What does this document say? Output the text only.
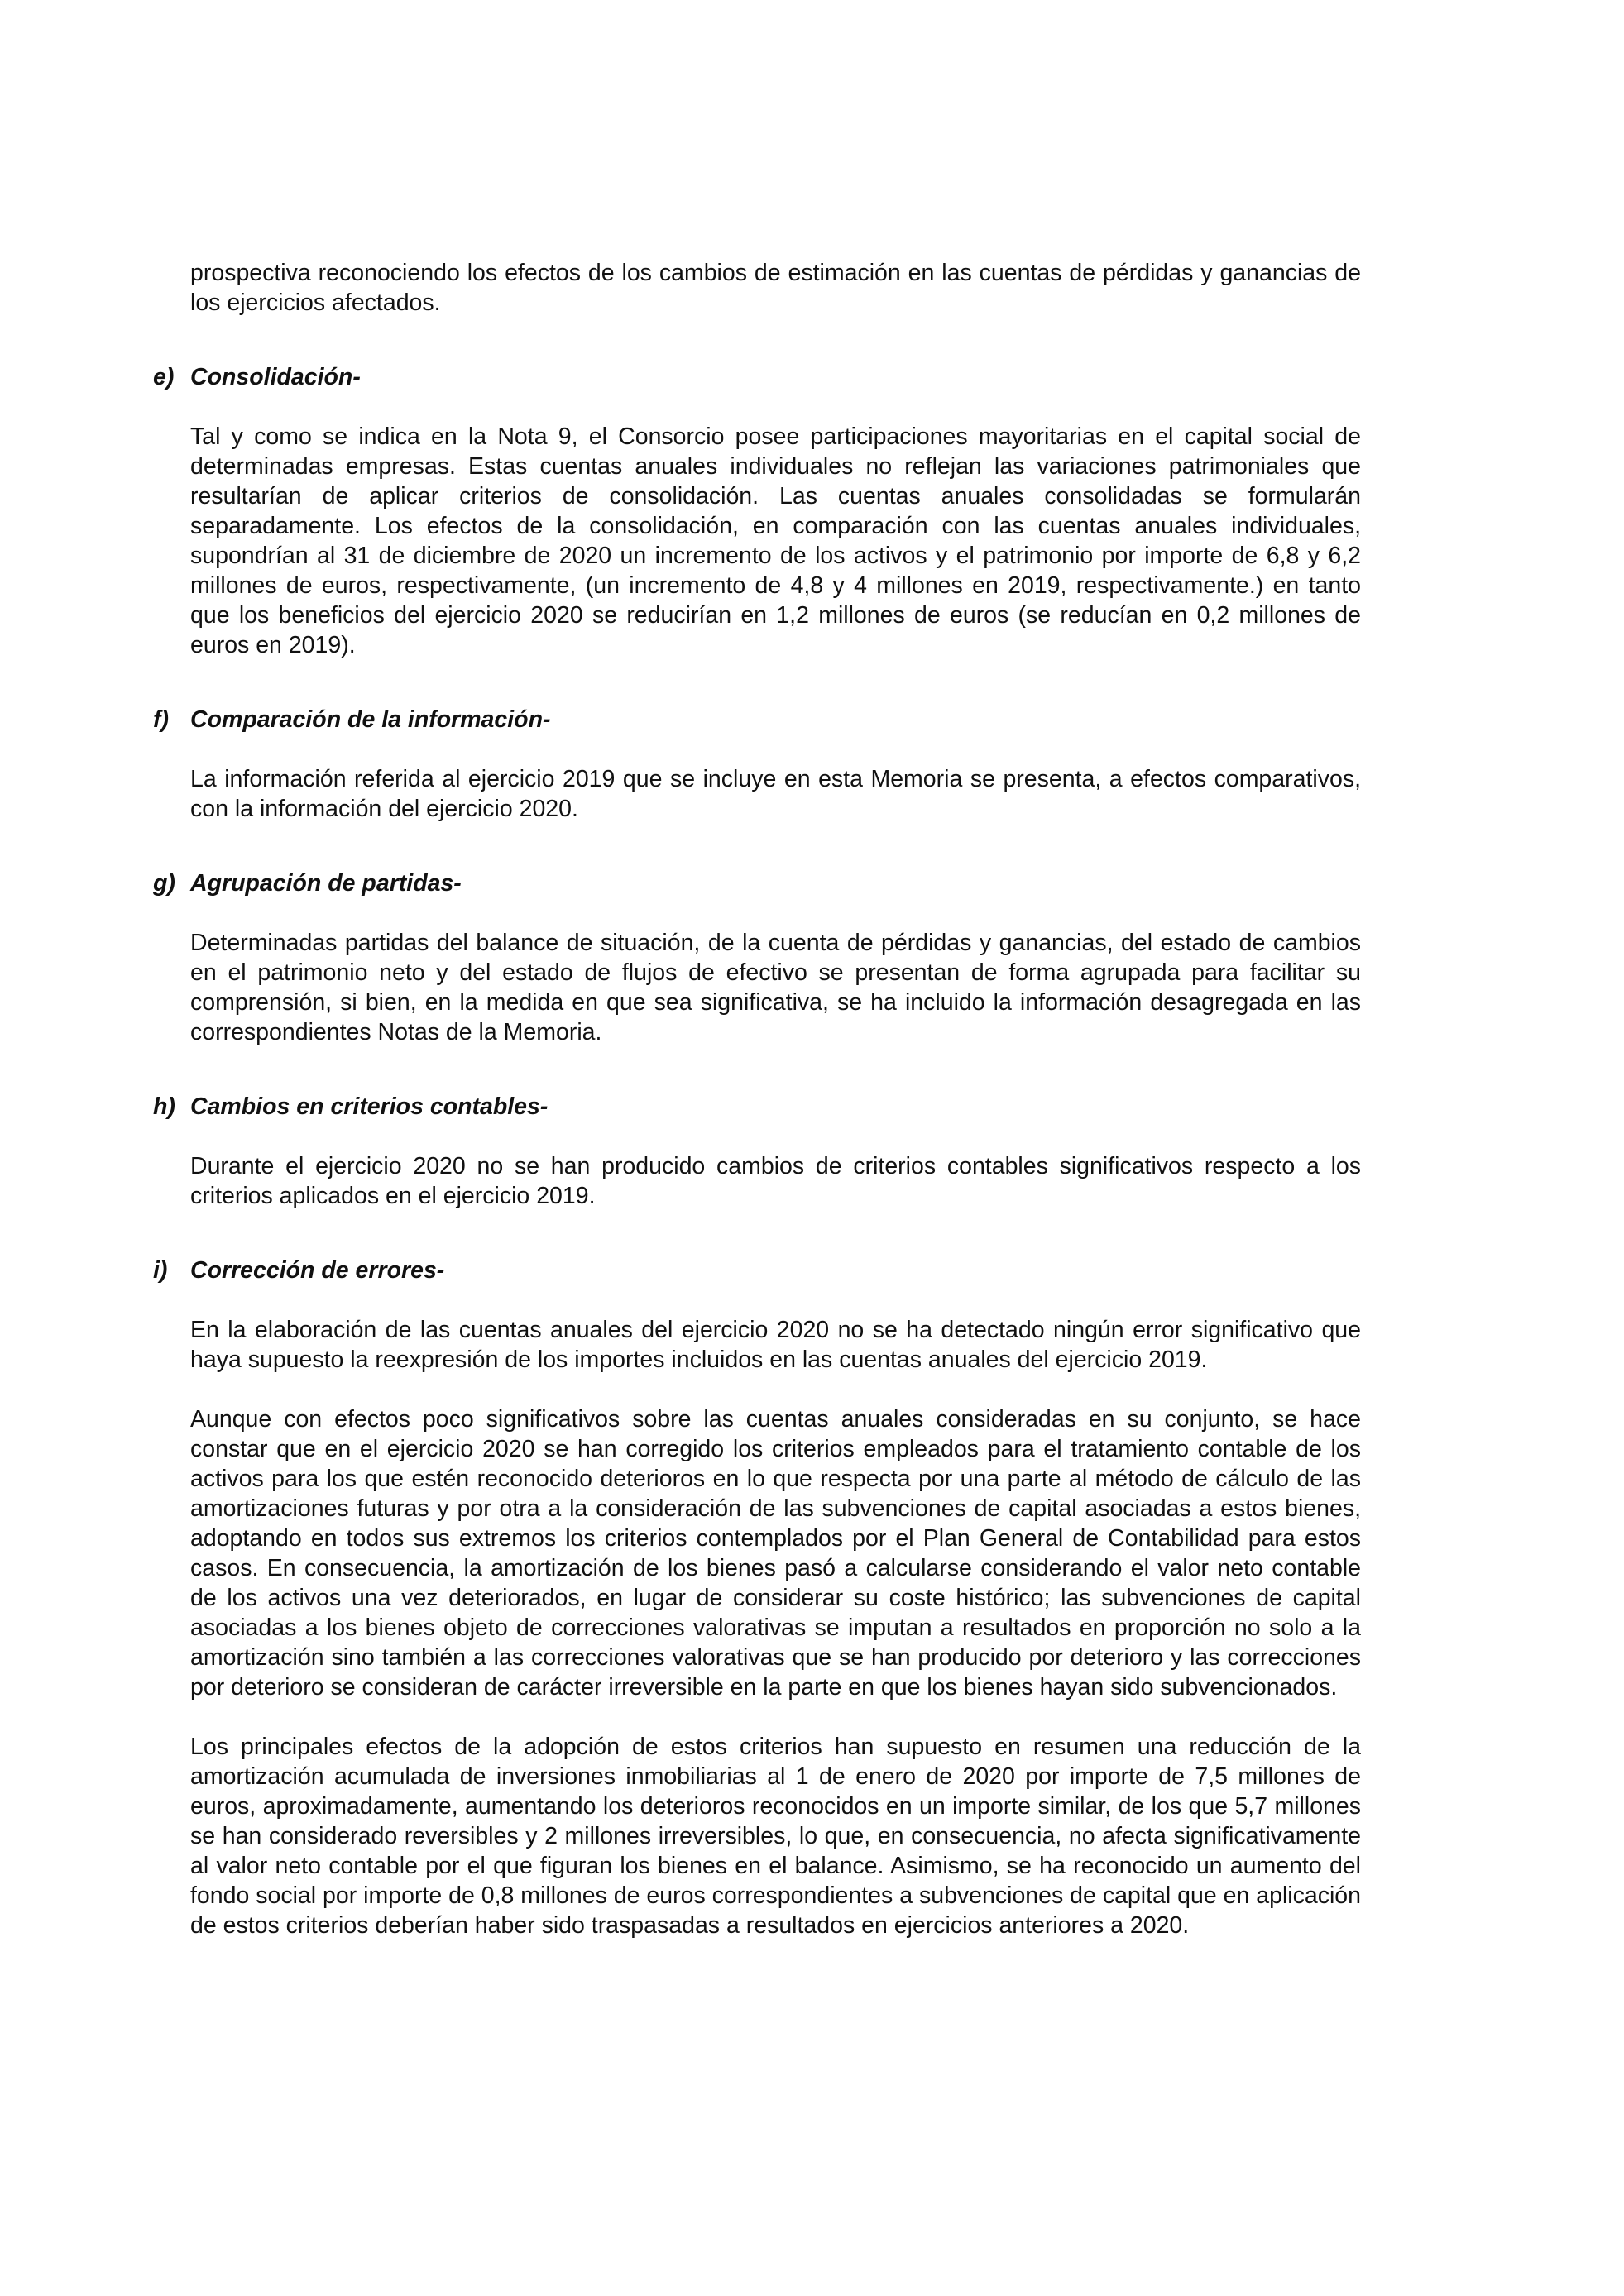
prospectiva reconociendo los efectos de los cambios de estimación en las cuentas de pérdidas y ganancias de los ejercicios afectados.

e) Consolidación-

Tal y como se indica en la Nota 9, el Consorcio posee participaciones mayoritarias en el capital social de determinadas empresas. Estas cuentas anuales individuales no reflejan las variaciones patrimoniales que resultarían de aplicar criterios de consolidación. Las cuentas anuales consolidadas se formularán separadamente. Los efectos de la consolidación, en comparación con las cuentas anuales individuales, supondrían al 31 de diciembre de 2020 un incremento de los activos y el patrimonio por importe de 6,8 y 6,2 millones de euros, respectivamente, (un incremento de 4,8 y 4 millones en 2019, respectivamente.) en tanto que los beneficios del ejercicio 2020 se reducirían en 1,2 millones de euros (se reducían en 0,2 millones de euros en 2019).

f) Comparación de la información-

La información referida al ejercicio 2019 que se incluye en esta Memoria se presenta, a efectos comparativos, con la información del ejercicio 2020.

g) Agrupación de partidas-

Determinadas partidas del balance de situación, de la cuenta de pérdidas y ganancias, del estado de cambios en el patrimonio neto y del estado de flujos de efectivo se presentan de forma agrupada para facilitar su comprensión, si bien, en la medida en que sea significativa, se ha incluido la información desagregada en las correspondientes Notas de la Memoria.

h) Cambios en criterios contables-

Durante el ejercicio 2020 no se han producido cambios de criterios contables significativos respecto a los criterios aplicados en el ejercicio 2019.

i) Corrección de errores-

En la elaboración de las cuentas anuales del ejercicio 2020 no se ha detectado ningún error significativo que haya supuesto la reexpresión de los importes incluidos en las cuentas anuales del ejercicio 2019.

Aunque con efectos poco significativos sobre las cuentas anuales consideradas en su conjunto, se hace constar que en el ejercicio 2020 se han corregido los criterios empleados para el tratamiento contable de los activos para los que estén reconocido deterioros en lo que respecta por una parte al método de cálculo de las amortizaciones futuras y por otra a la consideración de las subvenciones de capital asociadas a estos bienes, adoptando en todos sus extremos los criterios contemplados por el Plan General de Contabilidad para estos casos. En consecuencia, la amortización de los bienes pasó a calcularse considerando el valor neto contable de los activos una vez deteriorados, en lugar de considerar su coste histórico; las subvenciones de capital asociadas a los bienes objeto de correcciones valorativas se imputan a resultados en proporción no solo a la amortización sino también a las correcciones valorativas que se han producido por deterioro y las correcciones por deterioro se consideran de carácter irreversible en la parte en que los bienes hayan sido subvencionados.

Los principales efectos de la adopción de estos criterios han supuesto en resumen una reducción de la amortización acumulada de inversiones inmobiliarias al 1 de enero de 2020 por importe de 7,5 millones de euros, aproximadamente, aumentando los deterioros reconocidos en un importe similar, de los que 5,7 millones se han considerado reversibles y 2 millones irreversibles, lo que, en consecuencia, no afecta significativamente al valor neto contable por el que figuran los bienes en el balance. Asimismo, se ha reconocido un aumento del fondo social por importe de 0,8 millones de euros correspondientes a subvenciones de capital que en aplicación de estos criterios deberían haber sido traspasadas a resultados en ejercicios anteriores a 2020.
